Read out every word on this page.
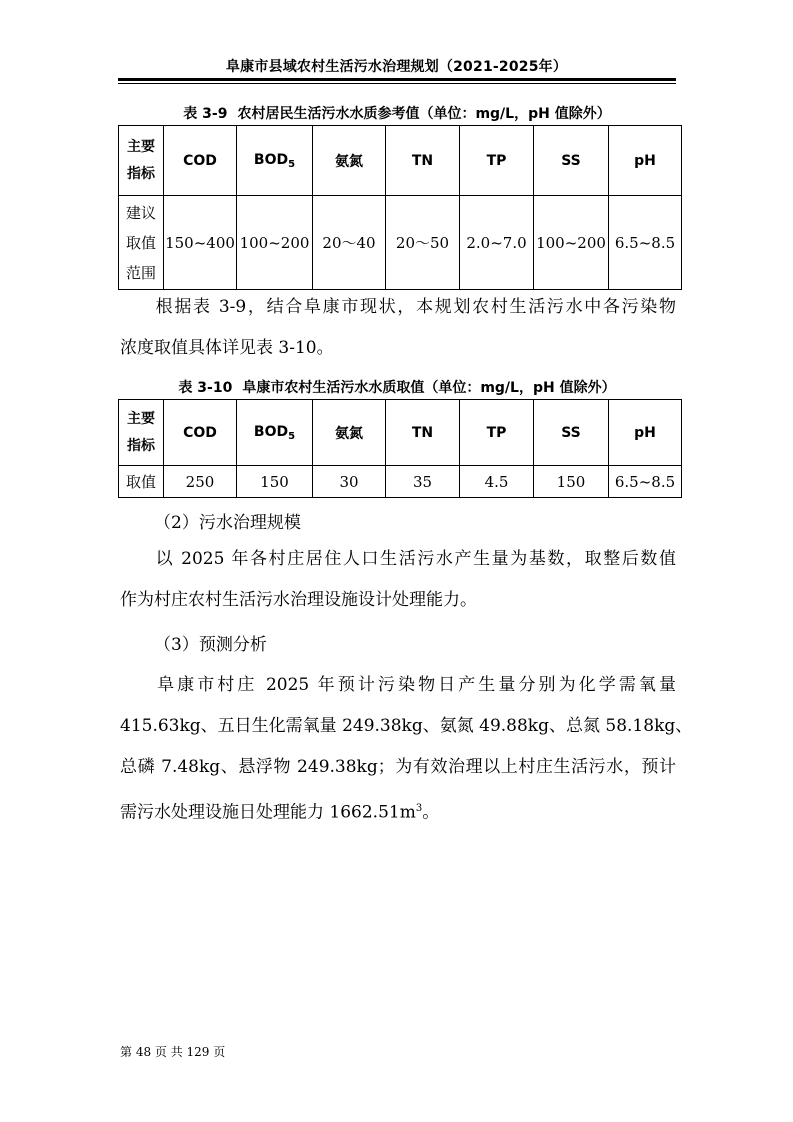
阜康市县域农村生活污水治理规划（2021-2025年）
表 3-9 农村居民生活污水水质参考值（单位：mg/L，pH 值除外）
主要
指标	COD	$BOD_5$	氨氮	TN	TP	SS	pH

建议
取值
范围	150~400	100~200	20～40	20～50	2.0~7.0	100~200	6.5~8.5
根据表 3-9，结合阜康市现状，本规划农村生活污水中各污染物
浓度取值具体详见表 3-10。
表 3-10 阜康市农村生活污水水质取值（单位：mg/L，pH 值除外）
主要
指标	COD	$BOD_5$	氨氮	TN	TP	SS	pH
取值	250	150	30	35	4.5	150	6.5~8.5
（2）污水治理规模
以 2025 年各村庄居住人口生活污水产生量为基数，取整后数值
作为村庄农村生活污水治理设施设计处理能力。
（3）预测分析
阜康市村庄 2025 年预计污染物日产生量分别为化学需氧量
415.63kg、五日生化需氧量 249.38kg、氨氮 49.88kg、总氮 58.18kg、
总磷 7.48kg、悬浮物 249.38kg；为有效治理以上村庄生活污水，预计
需污水处理设施日处理能力 $1662.51m^3$。
第 48 页 共 129 页
